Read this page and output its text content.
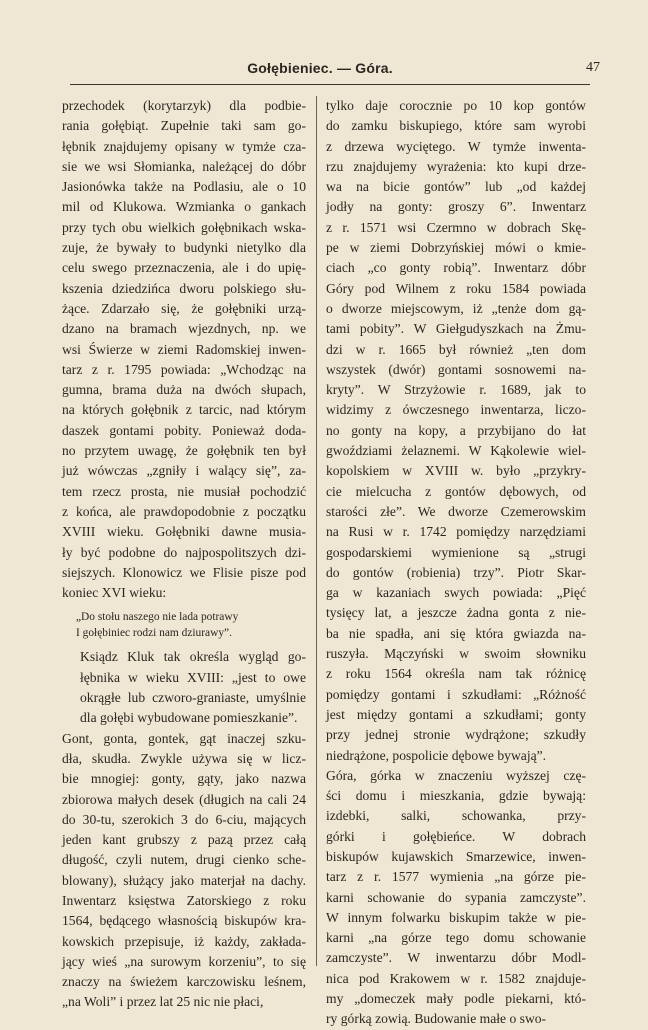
Gołębieniec. — Góra.	47

przechodek (korytarzyk) dla podbie-
rania gołębiąt. Zupełnie taki sam go-
łębnik znajdujemy opisany w tymże cza-
sie we wsi Słomianka, należącej do dóbr
Jasionówka także na Podlasiu, ale o 10
mil od Klukowa. Wzmianka o gankach
przy tych obu wielkich gołębnikach wska-
zuje, że bywały to budynki nietylko dla
celu swego przeznaczenia, ale i do upię-
kszenia dziedzińca dworu polskiego słu-
żące. Zdarzało się, że gołębniki urzą-
dzano na bramach wjezdnych, np. we
wsi Świerze w ziemi Radomskiej inwen-
tarz z r. 1795 powiada: „Wchodząc na
gumna, brama duża na dwóch słupach,
na których gołębnik z tarcic, nad którym
daszek gontami pobity. Ponieważ doda-
no przytem uwagę, że gołębnik ten był
już wówczas „zgniły i walący się”, za-
tem rzecz prosta, nie musiał pochodzić
z końca, ale prawdopodobnie z początku
XVIII wieku. Gołębniki dawne musia-
ły być podobne do najpospolitszych dzi-
siejszych. Klonowicz we Flisie pisze pod
koniec XVI wieku:

„Do stołu naszego nie lada potrawy
I gołębiniec rodzi nam dziurawy”.

Ksiądz Kluk tak określa wygląd go-
łębnika w wieku XVIII: „jest to owe
okrągłe lub czworo-graniaste, umyślnie
dla gołębi wybudowane pomieszkanie”.

Gont, gonta, gontek, gąt inaczej szku-
dła, skudła. Zwykle używa się w licz-
bie mnogiej: gonty, gąty, jako nazwa
zbiorowa małych desek (długich na cali 24
do 30-tu, szerokich 3 do 6-ciu, mających
jeden kant grubszy z pazą przez całą
długość, czyli nutem, drugi cienko sche-
blowany), służący jako materjał na dachy.
Inwentarz księstwa Zatorskiego z roku
1564, będącego własnością biskupów kra-
kowskich przepisuje, iż każdy, zakłada-
jący wieś „na surowym korzeniu”, to się
znaczy na świeżem karczowisku leśnem,
„na Woli” i przez lat 25 nic nie płaci,

tylko daje corocznie po 10 kop gontów
do zamku biskupiego, które sam wyrobi
z drzewa wyciętego. W tymże inwenta-
rzu znajdujemy wyrażenia: kto kupi drze-
wa na bicie gontów” lub „od każdej
jodły na gonty: groszy 6”. Inwentarz
z r. 1571 wsi Czermno w dobrach Skę-
pe w ziemi Dobrzyńskiej mówi o kmie-
ciach „co gonty robią”. Inwentarz dóbr
Góry pod Wilnem z roku 1584 powiada
o dworze miejscowym, iż „tenże dom gą-
tami pobity”. W Giełgudyszkach na Żmu-
dzi w r. 1665 był również „ten dom
wszystek (dwór) gontami sosnowemi na-
kryty”. W Strzyżowie r. 1689, jak to
widzimy z ówczesnego inwentarza, liczo-
no gonty na kopy, a przybijano do łat
gwoździami żelaznemi. W Kąkolewie wiel-
kopolskiem w XVIII w. było „przykry-
cie mielcucha z gontów dębowych, od
starości złe”. We dworze Czemerowskim
na Rusi w r. 1742 pomiędzy narzędziami
gospodarskiemi wymienione są „strugi
do gontów (robienia) trzy”. Piotr Skar-
ga w kazaniach swych powiada: „Pięć
tysięcy lat, a jeszcze żadna gonta z nie-
ba nie spadła, ani się która gwiazda na-
ruszyła. Mączyński w swoim słowniku
z roku 1564 określa nam tak różnicę
pomiędzy gontami i szkudłami: „Różność
jest między gontami a szkudłami; gonty
przy jednej stronie wydrążone; szkudły
niedrążone, pospolicie dębowe bywają”.

Góra, górka w znaczeniu wyższej czę-
ści domu i mieszkania, gdzie bywają:
izdebki, salki, schowanka, przy-
górki i gołębiеńce. W dobrach
biskupów kujawskich Smarzewice, inwen-
tarz z r. 1577 wymienia „na górze pie-
karni schowanie do sypania zamczyste”.
W innym folwarku biskupim także w pie-
karni „na górze tego domu schowanie
zamczyste”. W inwentarzu dóbr Modl-
nica pod Krakowem w r. 1582 znajduje-
my „domeczek mały podle piekarni, któ-
ry górką zowią. Budowanie małe o swo-
